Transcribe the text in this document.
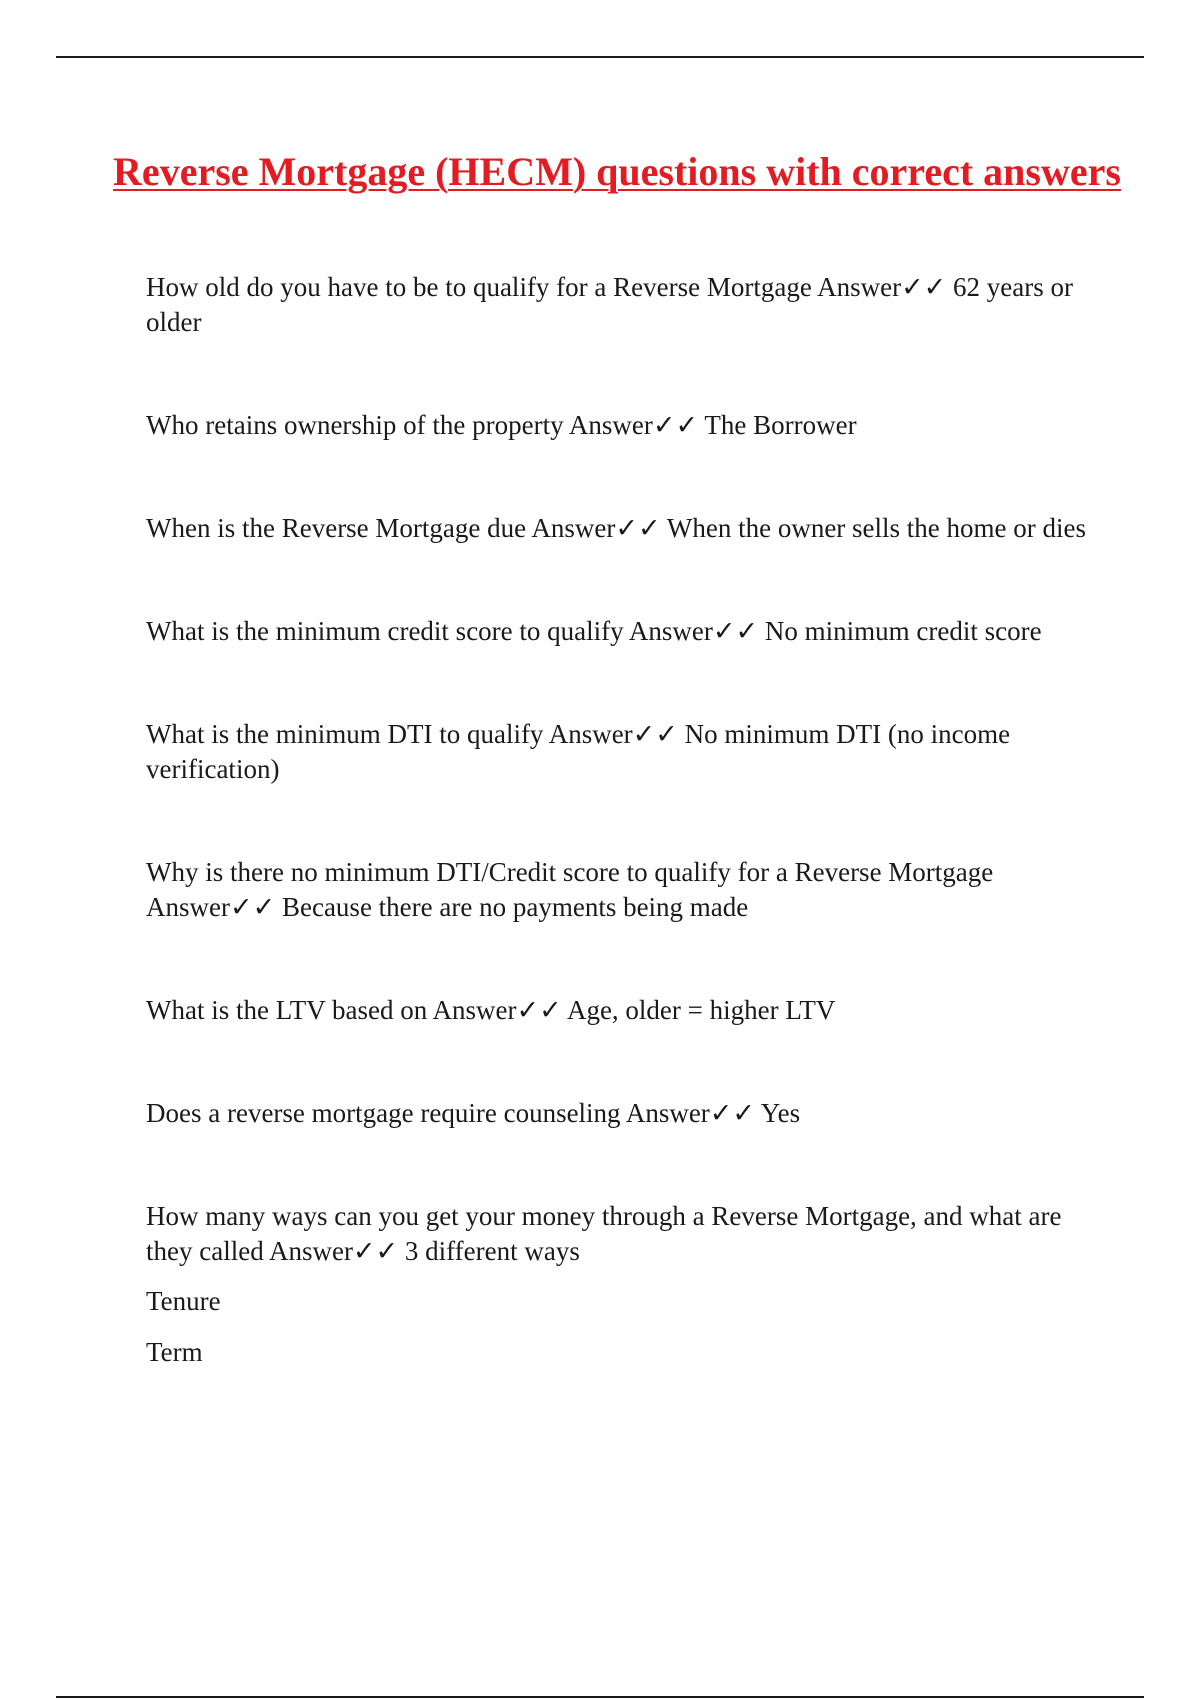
Reverse Mortgage (HECM) questions with correct answers

How old do you have to be to qualify for a Reverse Mortgage Answer✓✓ 62 years or older

Who retains ownership of the property Answer✓✓ The Borrower

When is the Reverse Mortgage due Answer✓✓ When the owner sells the home or dies

What is the minimum credit score to qualify Answer✓✓ No minimum credit score

What is the minimum DTI to qualify Answer✓✓ No minimum DTI (no income verification)

Why is there no minimum DTI/Credit score to qualify for a Reverse Mortgage Answer✓✓ Because there are no payments being made

What is the LTV based on Answer✓✓ Age, older = higher LTV

Does a reverse mortgage require counseling Answer✓✓ Yes

How many ways can you get your money through a Reverse Mortgage, and what are they called Answer✓✓ 3 different ways

Tenure

Term
